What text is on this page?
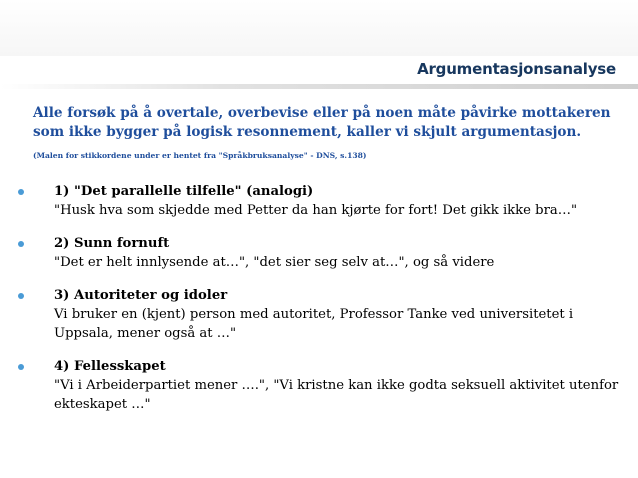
Argumentasjonsanalyse

Alle forsøk på å overtale, overbevise eller på noen måte påvirke mottakeren som ikke bygger på logisk resonnement, kaller vi skjult argumentasjon.

(Malen for stikkordene under er hentet fra "Språkbruksanalyse" - DNS, s.138)
1) "Det parallelle tilfelle" (analogi)
"Husk hva som skjedde med Petter da han kjørte for fort! Det gikk ikke bra…"
2) Sunn fornuft
"Det er helt innlysende at…", "det sier seg selv at…", og så videre
3) Autoriteter og idoler
Vi bruker en (kjent) person med autoritet, Professor Tanke ved universitetet i Uppsala, mener også at …"
4) Fellesskapet
"Vi i Arbeiderpartiet mener ….", "Vi kristne kan ikke godta seksuell aktivitet utenfor ekteskapet …"
